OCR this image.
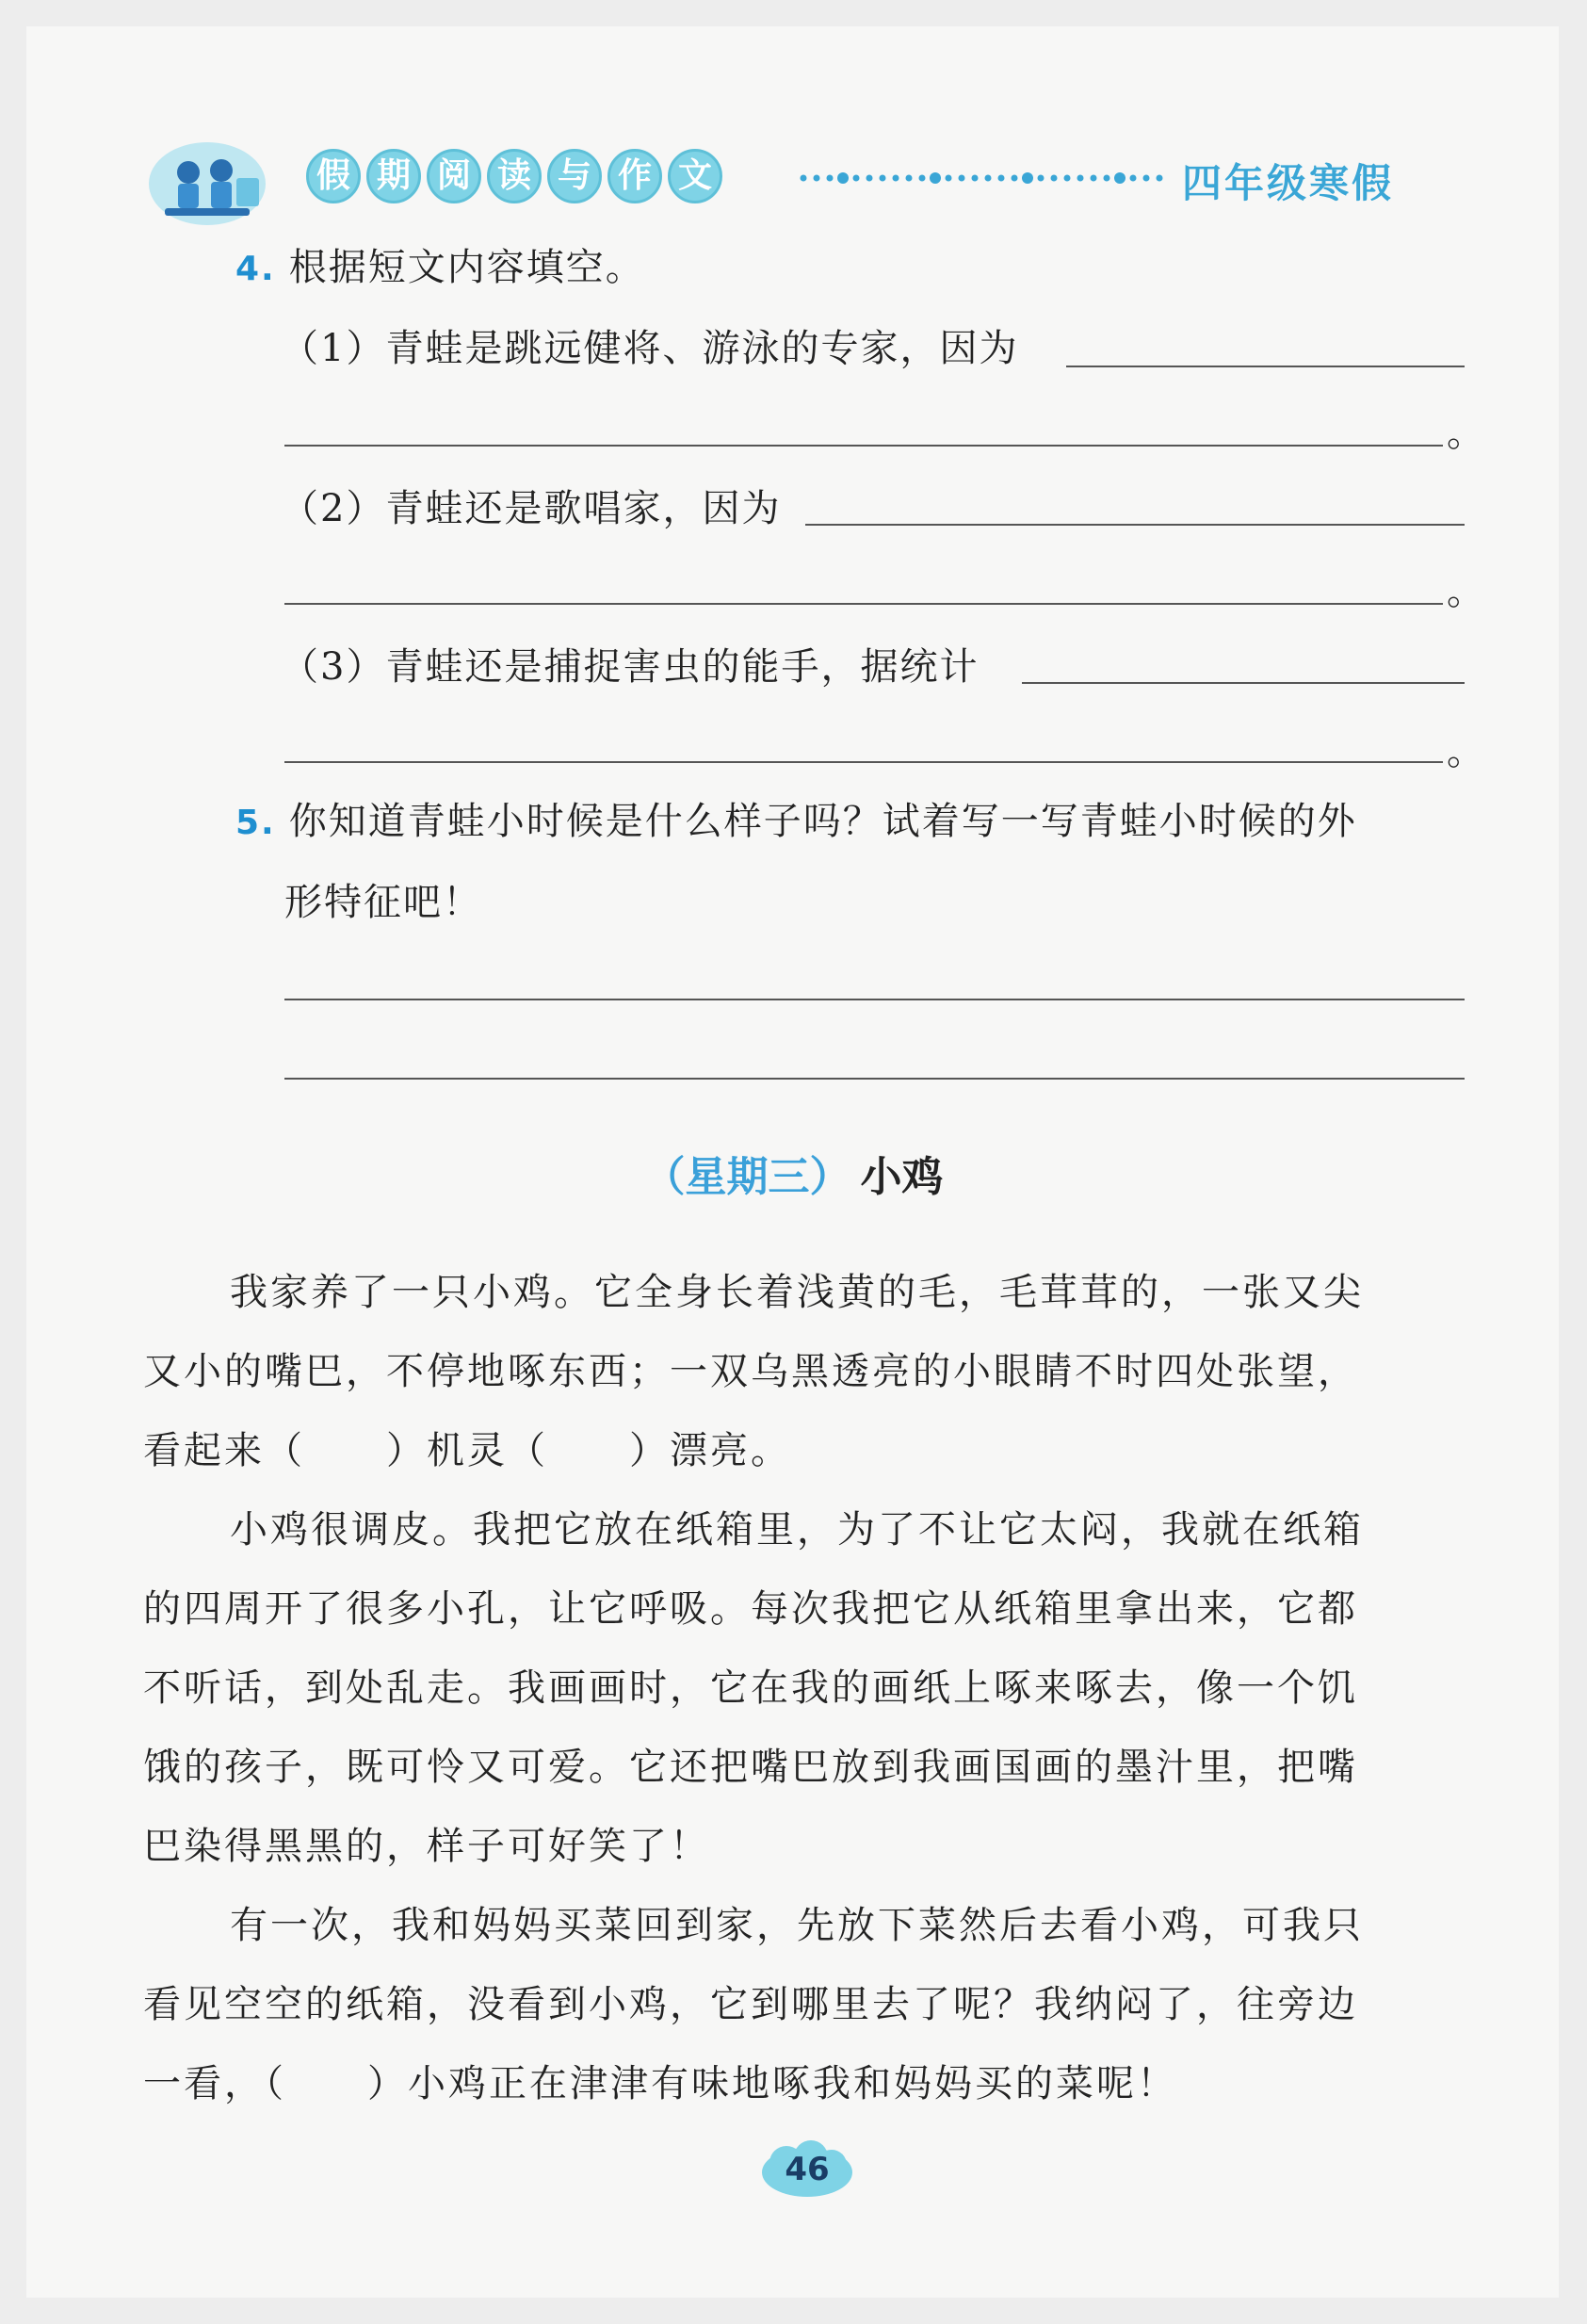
假 期 阅 读 与 作 文	四年级寒假
4. 根据短文内容填空。
（1）青蛙是跳远健将、游泳的专家，因为
。
（2）青蛙还是歌唱家，因为
。
（3）青蛙还是捕捉害虫的能手，据统计
。
5. 你知道青蛙小时候是什么样子吗？试着写一写青蛙小时候的外
形特征吧！
（星期三） 小鸡
我家养了一只小鸡。它全身长着浅黄的毛，毛茸茸的，一张又尖
又小的嘴巴，不停地啄东西；一双乌黑透亮的小眼睛不时四处张望，
看起来（　　）机灵（　　）漂亮。
小鸡很调皮。我把它放在纸箱里，为了不让它太闷，我就在纸箱
的四周开了很多小孔，让它呼吸。每次我把它从纸箱里拿出来，它都
不听话，到处乱走。我画画时，它在我的画纸上啄来啄去，像一个饥
饿的孩子，既可怜又可爱。它还把嘴巴放到我画国画的墨汁里，把嘴
巴染得黑黑的，样子可好笑了！
有一次，我和妈妈买菜回到家，先放下菜然后去看小鸡，可我只
看见空空的纸箱，没看到小鸡，它到哪里去了呢？我纳闷了，往旁边
一看，（　　）小鸡正在津津有味地啄我和妈妈买的菜呢！
46
